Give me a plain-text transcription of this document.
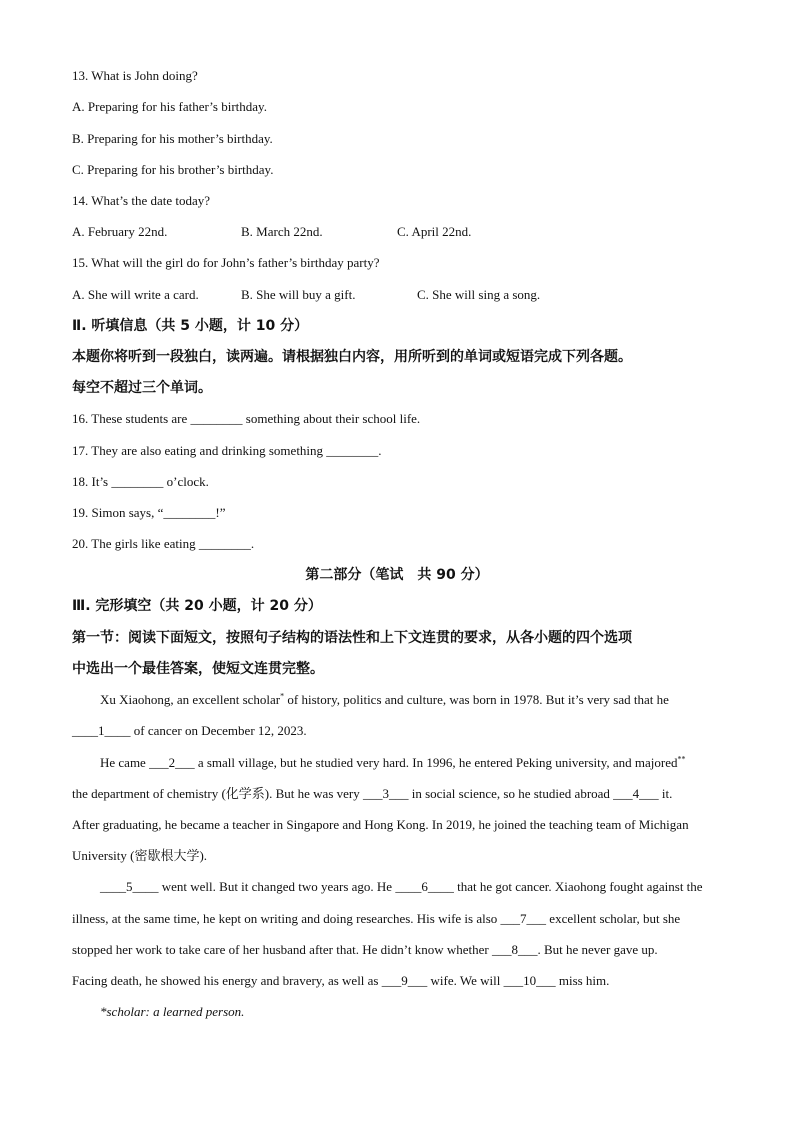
13. What is John doing?
A. Preparing for his father’s birthday.
B. Preparing for his mother’s birthday.
C. Preparing for his brother’s birthday.
14. What’s the date today?
A. February 22nd.	B. March 22nd.	C. April 22nd.
15. What will the girl do for John’s father’s birthday party?
A. She will write a card.	B. She will buy a gift.	C. She will sing a song.
Ⅱ. 听填信息（共 5 小题，计 10 分）
本题你将听到一段独白，读两遍。请根据独白内容，用所听到的单词或短语完成下列各题。
每空不超过三个单词。
16. These students are ________ something about their school life.
17. They are also eating and drinking something ________.
18. It’s ________ o’clock.
19. Simon says, “________!”
20. The girls like eating ________.
第二部分（笔试　共 90 分）
Ⅲ. 完形填空（共 20 小题，计 20 分）
第一节：阅读下面短文，按照句子结构的语法性和上下文连贯的要求，从各小题的四个选项
中选出一个最佳答案，使短文连贯完整。
Xu Xiaohong, an excellent scholar* of history, politics and culture, was born in 1978. But it’s very sad that he
____1____ of cancer on December 12, 2023.
He came ___2___ a small village, but he studied very hard. In 1996, he entered Peking university, and majored**
the department of chemistry (化学系). But he was very ___3___ in social science, so he studied abroad ___4___ it.
After graduating, he became a teacher in Singapore and Hong Kong. In 2019, he joined the teaching team of Michigan
University (密歇根大学).
____5____ went well. But it changed two years ago. He ____6____ that he got cancer. Xiaohong fought against the
illness, at the same time, he kept on writing and doing researches. His wife is also ___7___ excellent scholar, but she
stopped her work to take care of her husband after that. He didn’t know whether ___8___. But he never gave up.
Facing death, he showed his energy and bravery, as well as ___9___ wife. We will ___10___ miss him.
*scholar: a learned person.
